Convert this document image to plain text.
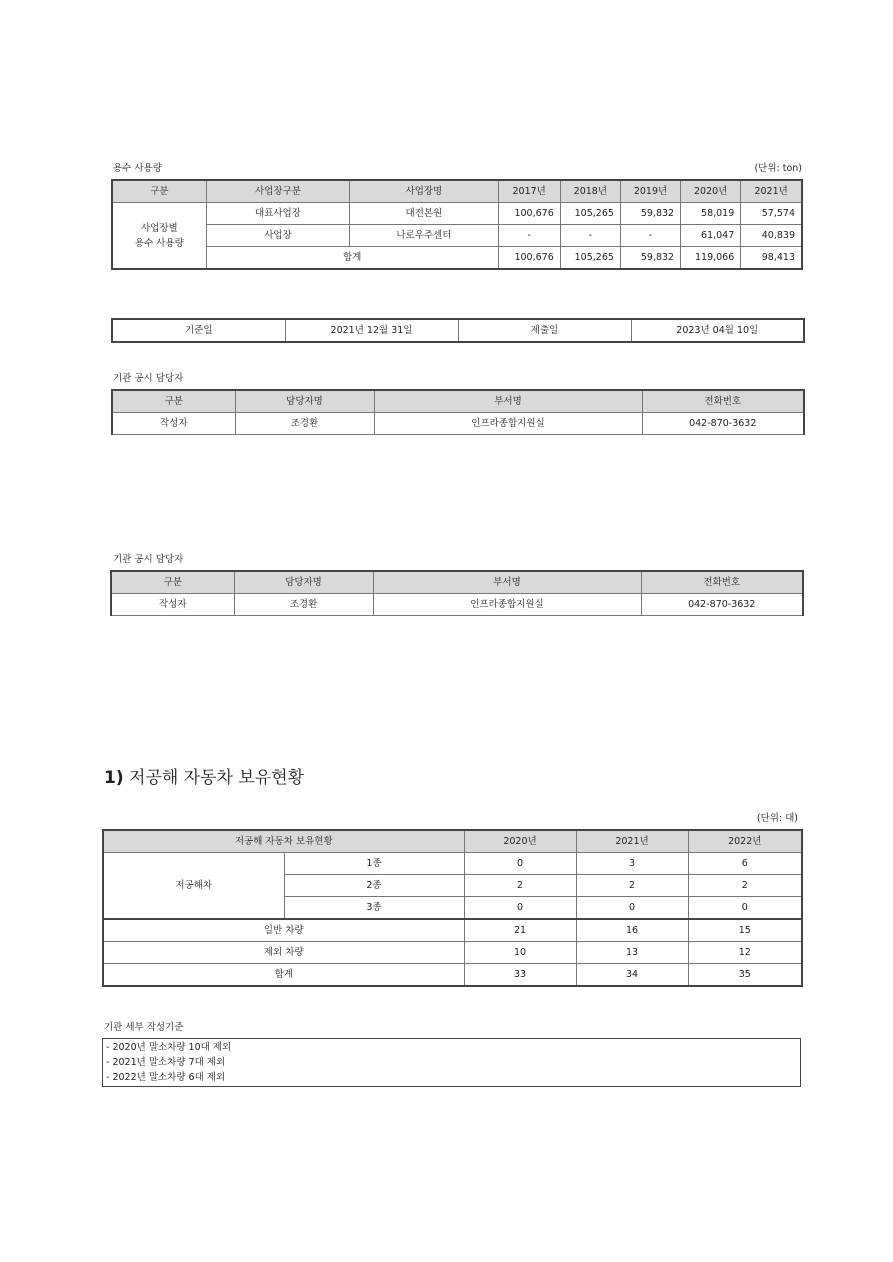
용수 사용량	(단위: ton)
구분	사업장구분	사업장명	2017년	2018년	2019년	2020년	2021년

사업장별
용수 사용량	대표사업장	대전본원	100,676	105,265	59,832	58,019	57,574
	사업장	나로우주센터	-	-	-	61,047	40,839
	합계		100,676	105,265	59,832	119,066	98,413
기준일	2021년 12월 31일	제출일	2023년 04월 10일
기관 공시 담당자
구분	담당자명	부서명	전화번호
작성자	조경환	인프라종합지원실	042-870-3632
기관 공시 담당자
구분	담당자명	부서명	전화번호
작성자	조경환	인프라종합지원실	042-870-3632
1) 저공해 자동차 보유현황
(단위: 대)
저공해 자동차 보유현황		2020년	2021년	2022년
저공해차	1종	0	3	6
	2종	2	2	2
	3종	0	0	0
일반 차량		21	16	15
제외 차량		10	13	12
합계		33	34	35
기관 세부 작성기준
- 2020년 말소차량 10대 제외
- 2021년 말소차량 7대 제외
- 2022년 말소차량 6대 제외
